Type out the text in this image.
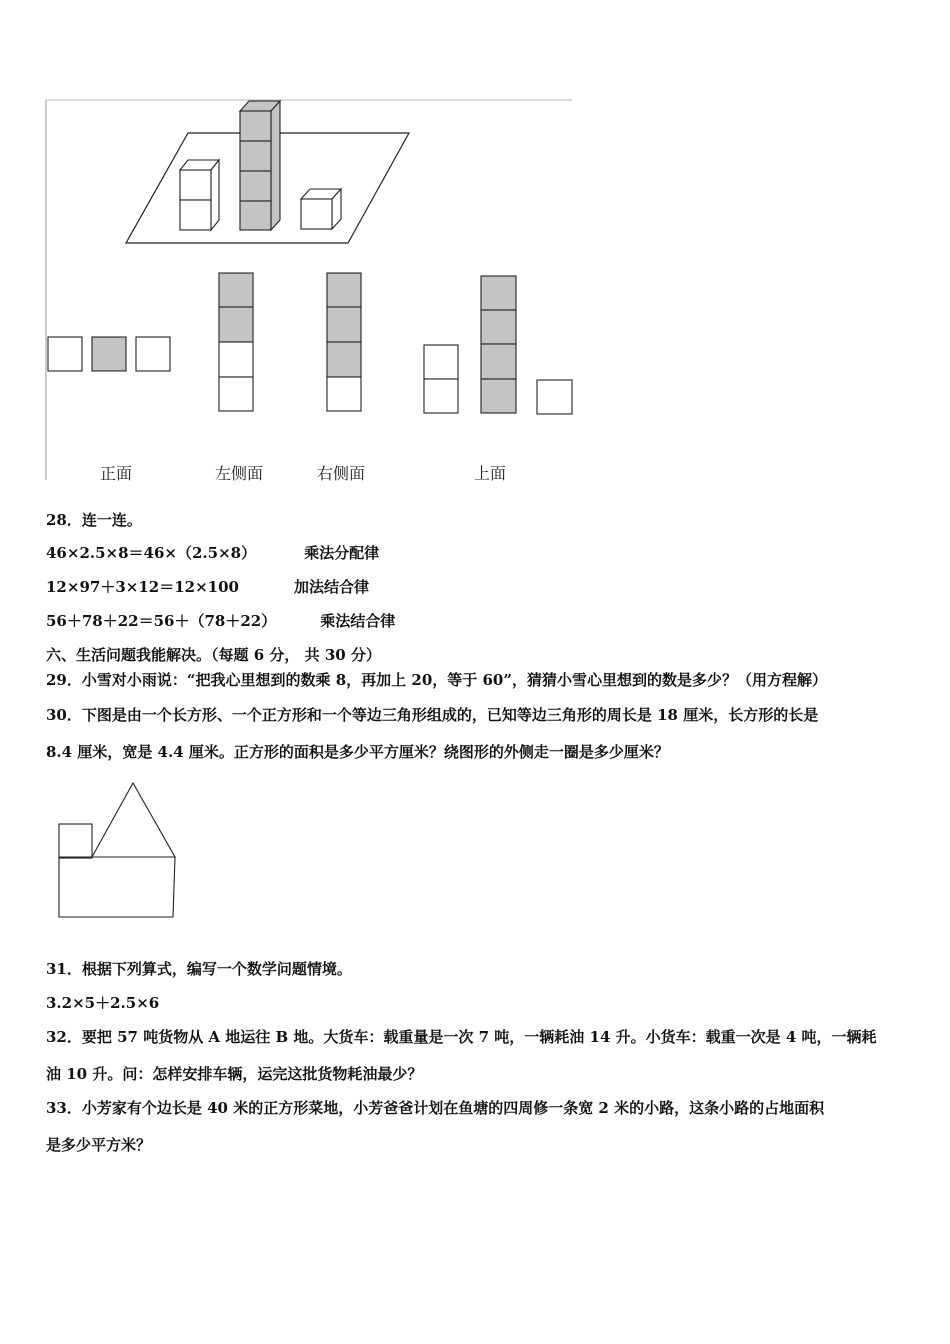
正面	左侧面	右侧面	上面
28．连一连。
46×2.5×8＝46×（2.5×8）	乘法分配律
12×97＋3×12＝12×100	加法结合律
56＋78＋22＝56＋（78＋22）	乘法结合律
六、生活问题我能解决。（每题 6 分， 共 30 分）
29．小雪对小雨说：“把我心里想到的数乘 8，再加上 20，等于 60”，猜猜小雪心里想到的数是多少？（用方程解）
30．下图是由一个长方形、一个正方形和一个等边三角形组成的，已知等边三角形的周长是 18 厘米，长方形的长是
8.4 厘米，宽是 4.4 厘米。正方形的面积是多少平方厘米？绕图形的外侧走一圈是多少厘米？
31．根据下列算式，编写一个数学问题情境。
3.2×5＋2.5×6
32．要把 57 吨货物从 A 地运往 B 地。大货车：载重量是一次 7 吨，一辆耗油 14 升。小货车：载重一次是 4 吨，一辆耗
油 10 升。问：怎样安排车辆，运完这批货物耗油最少？
33．小芳家有个边长是 40 米的正方形菜地，小芳爸爸计划在鱼塘的四周修一条宽 2 米的小路，这条小路的占地面积
是多少平方米？
